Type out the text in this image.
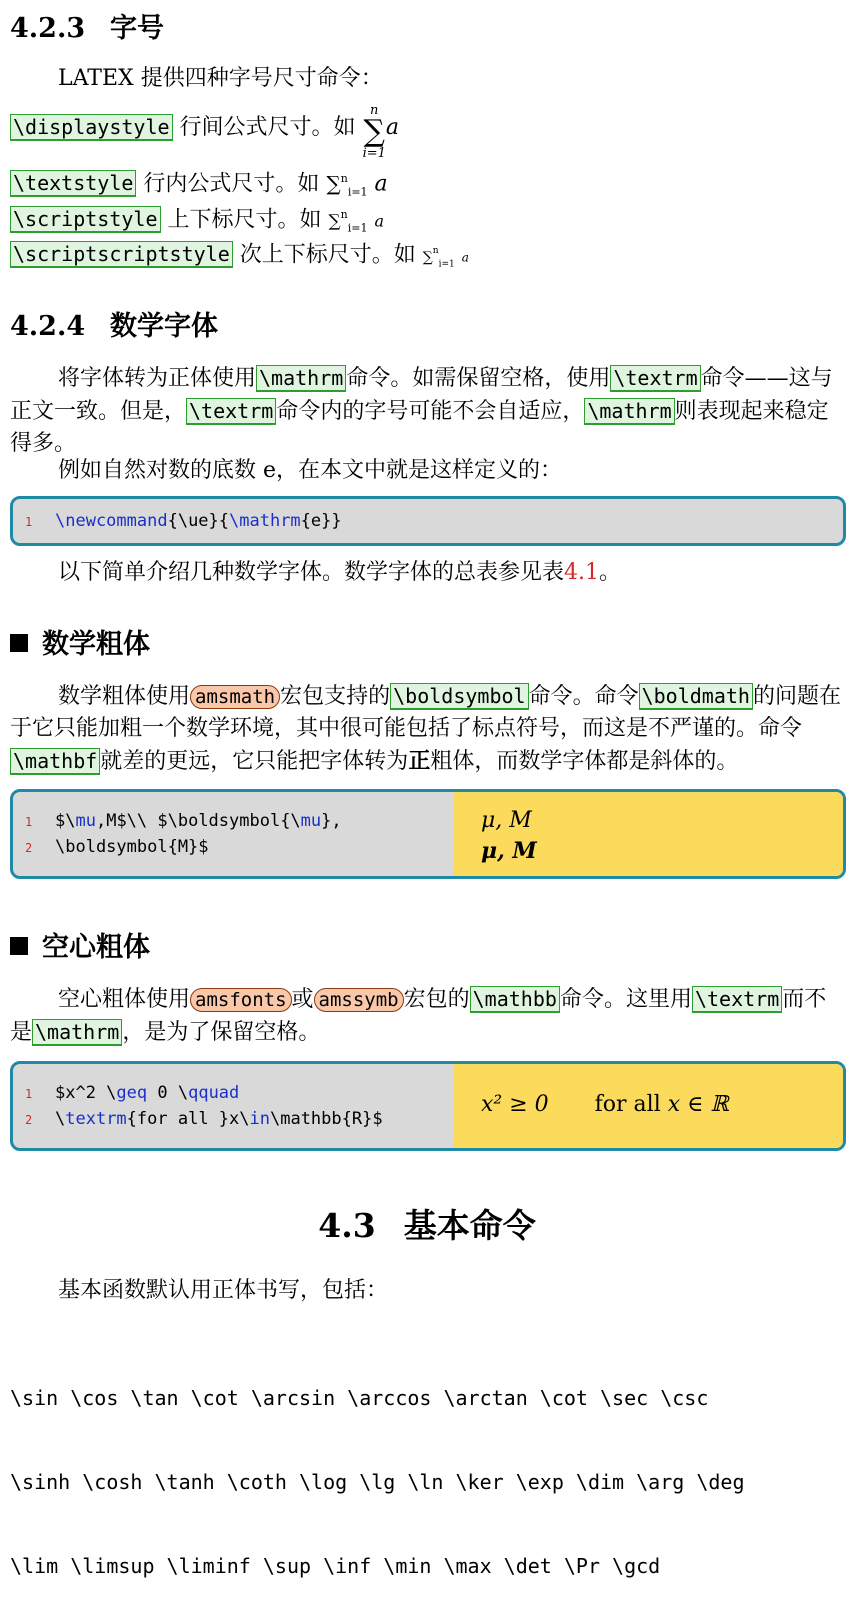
4.2.3 字号
LATEX 提供四种字号尺寸命令：
\displaystyle 行间公式尺寸。如
n
∑
i=1
a
\textstyle 行内公式尺寸。如 ∑$^n_{i=1}$ a
\scriptstyle 上下标尺寸。如 ∑$^n_{i=1}$ a
\scriptscriptstyle 次上下标尺寸。如 ∑$^n_{i=1}$ a
4.2.4 数学字体
将字体转为正体使用 \mathrm 命令。如需保留空格，使用 \textrm 命令——这与正文一致。但是， \textrm 命令内的字号可能不会自适应， \mathrm 则表现起来稳定得多。
例如自然对数的底数 e，在本文中就是这样定义的：
1 \newcommand{\ue}{\mathrm{e}}
以下简单介绍几种数学字体。数学字体的总表参见表4.1。
数学粗体
数学粗体使用 amsmath 宏包支持的 \boldsymbol 命令。命令 \boldmath 的问题在于它只能加粗一个数学环境，其中很可能包括了标点符号，而这是不严谨的。命令\mathbf 就差的更远，它只能把字体转为正粗体，而数学字体都是斜体的。
1 $\mu,M$\\ $\boldsymbol{\mu},
2 \boldsymbol{M}$
μ, M
μ, M
空心粗体
空心粗体使用 amsfonts 或 amssymb 宏包的 \mathbb 命令。这里用 \textrm 而不是 \mathrm ，是为了保留空格。
1 $x^2 \geq 0 \qquad
2 \textrm{for all }x\in\mathbb{R}$
x² ≥ 0 for all x ∈ ℝ
4.3 基本命令
基本函数默认用正体书写，包括：

\sin \cos \tan \cot \arcsin \arccos \arctan \cot \sec \csc

\sinh \cosh \tanh \coth \log \lg \ln \ker \exp \dim \arg \deg

\lim \limsup \liminf \sup \inf \min \max \det \Pr \gcd
